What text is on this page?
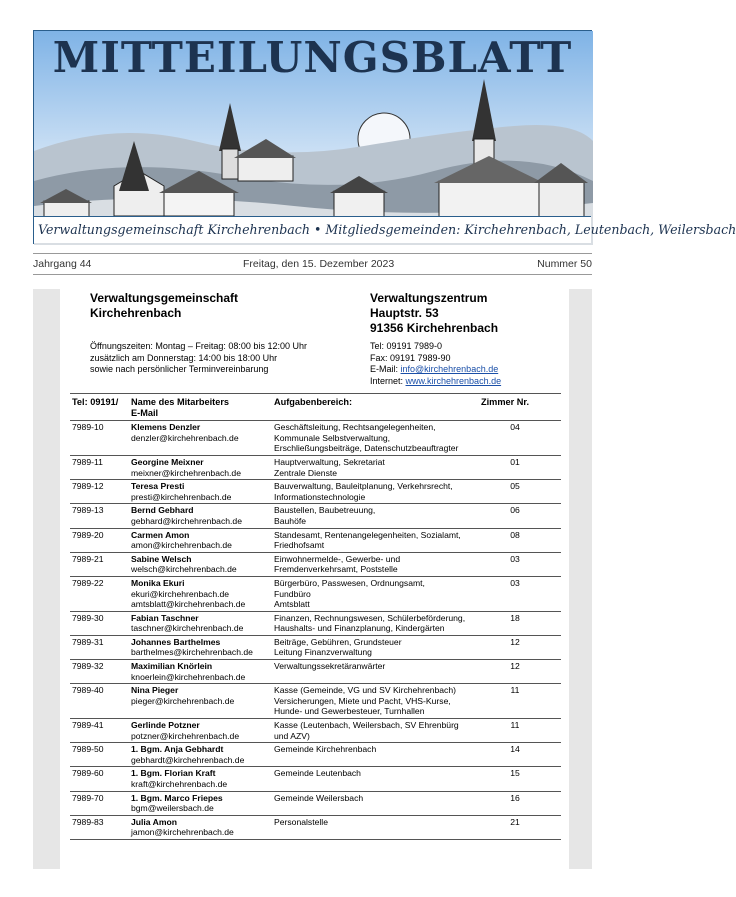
MITTEILUNGSBLATT
Verwaltungsgemeinschaft Kirchehrenbach • Mitgliedsgemeinden: Kirchehrenbach, Leutenbach, Weilersbach
Jahrgang 44	Freitag, den 15. Dezember 2023	Nummer 50
Verwaltungsgemeinschaft
Kirchehrenbach
Verwaltungszentrum
Hauptstr. 53
91356 Kirchehrenbach
Öffnungszeiten: Montag – Freitag: 08:00 bis 12:00 Uhr
zusätzlich am Donnerstag: 14:00 bis 18:00 Uhr
sowie nach persönlicher Terminvereinbarung
Tel: 09191 7989-0
Fax: 09191 7989-90
E-Mail: info@kirchehrenbach.de
Internet: www.kirchehrenbach.de
Tel: 09191/	Name des Mitarbeiters
E-Mail	Aufgabenbereich:	Zimmer Nr.
7989-10	Klemens Denzler
denzler@kirchehrenbach.de	Geschäftsleitung, Rechtsangelegenheiten,
Kommunale Selbstverwaltung,
Erschließungsbeiträge, Datenschutzbeauftragter	04
7989-11	Georgine Meixner
meixner@kirchehrenbach.de	Hauptverwaltung, Sekretariat
Zentrale Dienste	01
7989-12	Teresa Presti
presti@kirchehrenbach.de	Bauverwaltung, Bauleitplanung, Verkehrsrecht,
Informationstechnologie	05
7989-13	Bernd Gebhard
gebhard@kirchehrenbach.de	Baustellen, Baubetreuung,
Bauhöfe	06
7989-20	Carmen Amon
amon@kirchehrenbach.de	Standesamt, Rentenangelegenheiten, Sozialamt,
Friedhofsamt	08
7989-21	Sabine Welsch
welsch@kirchehrenbach.de	Einwohnermelde-, Gewerbe- und
Fremdenverkehrsamt, Poststelle	03
7989-22	Monika Ekuri
ekuri@kirchehrenbach.de
amtsblatt@kirchehrenbach.de	Bürgerbüro, Passwesen, Ordnungsamt,
Fundbüro
Amtsblatt	03
7989-30	Fabian Taschner
taschner@kirchehrenbach.de	Finanzen, Rechnungswesen, Schülerbeförderung,
Haushalts- und Finanzplanung, Kindergärten	18
7989-31	Johannes Barthelmes
barthelmes@kirchehrenbach.de	Beiträge, Gebühren, Grundsteuer
Leitung Finanzverwaltung	12
7989-32	Maximilian Knörlein
knoerlein@kirchehrenbach.de	Verwaltungssekretäranwärter	12
7989-40	Nina Pieger
pieger@kirchehrenbach.de	Kasse (Gemeinde, VG und SV Kirchehrenbach)
Versicherungen, Miete und Pacht, VHS-Kurse,
Hunde- und Gewerbesteuer, Turnhallen	11
7989-41	Gerlinde Potzner
potzner@kirchehrenbach.de	Kasse (Leutenbach, Weilersbach, SV Ehrenbürg
und AZV)	11
7989-50	1. Bgm. Anja Gebhardt
gebhardt@kirchehrenbach.de	Gemeinde Kirchehrenbach	14
7989-60	1. Bgm. Florian Kraft
kraft@kirchehrenbach.de	Gemeinde Leutenbach	15
7989-70	1. Bgm. Marco Friepes
bgm@weilersbach.de	Gemeinde Weilersbach	16
7989-83	Julia Amon
jamon@kirchehrenbach.de	Personalstelle	21
